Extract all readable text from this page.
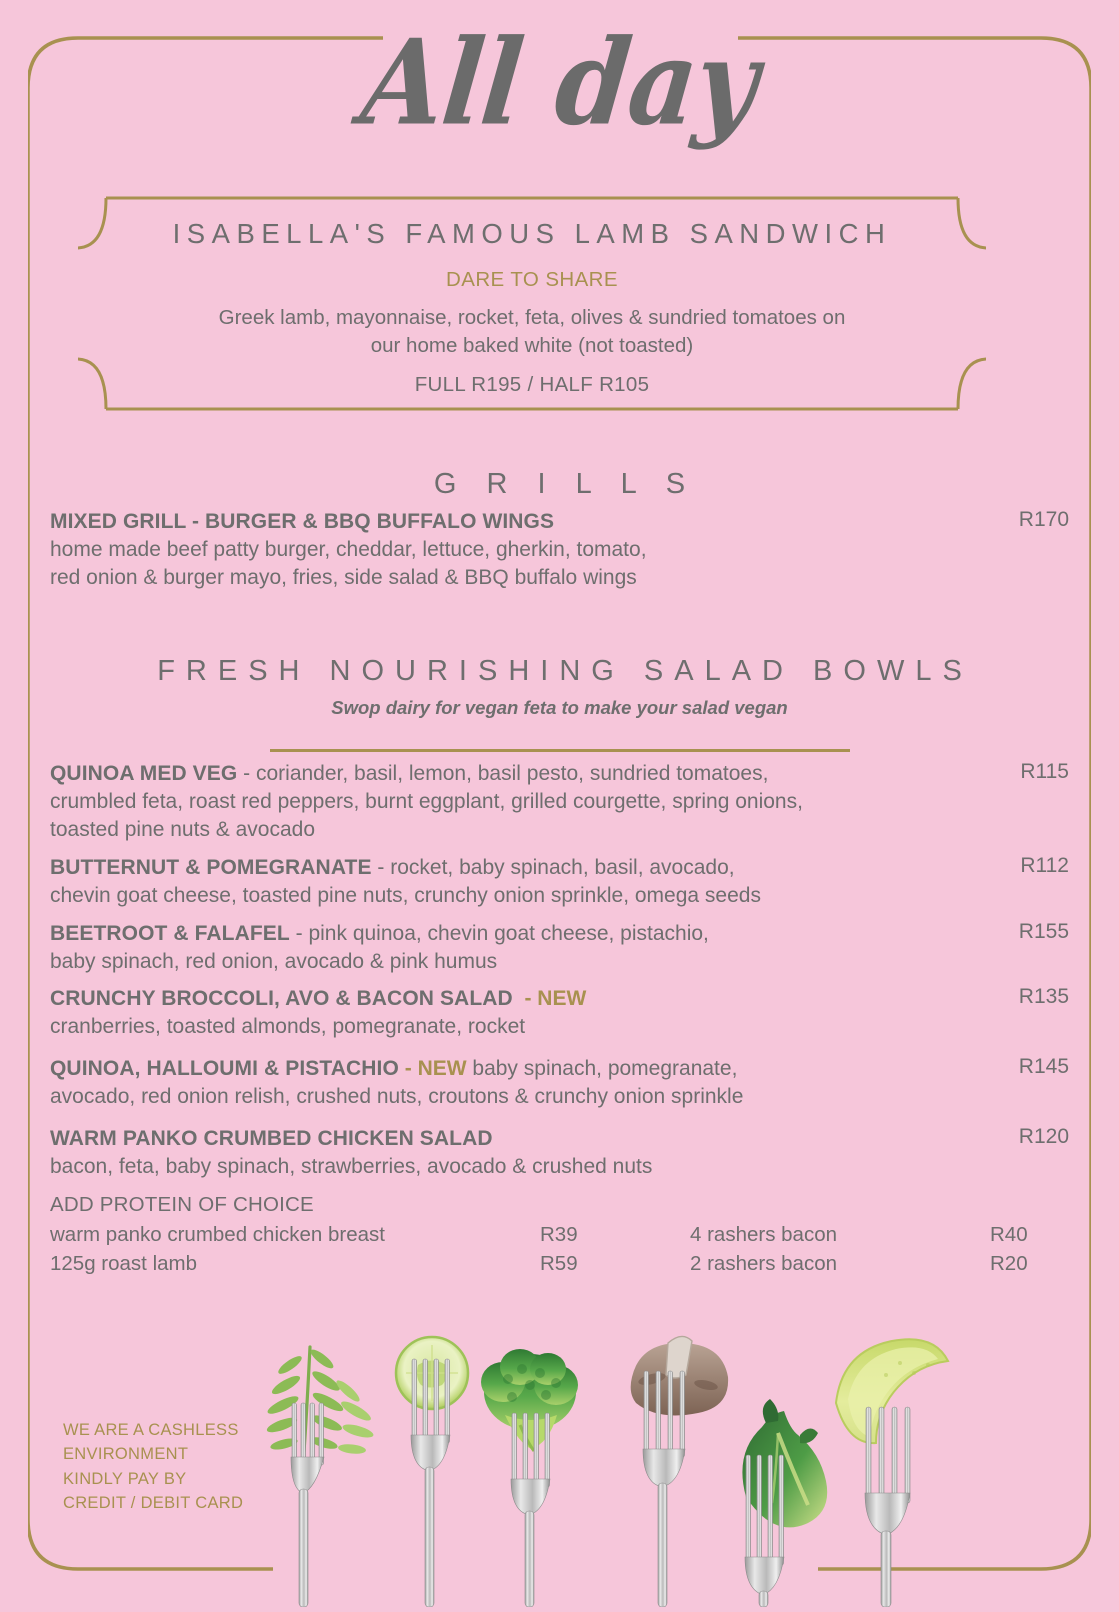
All day
ISABELLA'S FAMOUS LAMB SANDWICH
DARE TO SHARE
Greek lamb, mayonnaise, rocket, feta, olives & sundried tomatoes on
our home baked white (not toasted)
FULL R195 / HALF R105
G R I L L S
MIXED GRILL - BURGER & BBQ BUFFALO WINGS
home made beef patty burger, cheddar, lettuce, gherkin, tomato,
red onion & burger mayo, fries, side salad & BBQ buffalo wings
R170
FRESH NOURISHING SALAD BOWLS
Swop dairy for vegan feta to make your salad vegan
QUINOA MED VEG - coriander, basil, lemon, basil pesto, sundried tomatoes,
crumbled feta, roast red peppers, burnt eggplant, grilled courgette, spring onions,
toasted pine nuts & avocado
R115
BUTTERNUT & POMEGRANATE - rocket, baby spinach, basil, avocado,
chevin goat cheese, toasted pine nuts, crunchy onion sprinkle, omega seeds
R112
BEETROOT & FALAFEL - pink quinoa, chevin goat cheese, pistachio,
baby spinach, red onion, avocado & pink humus
R155
CRUNCHY BROCCOLI, AVO & BACON SALAD  - NEW
cranberries, toasted almonds, pomegranate, rocket
R135
QUINOA, HALLOUMI & PISTACHIO - NEW baby spinach, pomegranate,
avocado, red onion relish, crushed nuts, croutons & crunchy onion sprinkle
R145
WARM PANKO CRUMBED CHICKEN SALAD
bacon, feta, baby spinach, strawberries, avocado & crushed nuts
R120
ADD PROTEIN OF CHOICE
warm panko crumbed chicken breast	R39	4 rashers bacon	R40
125g roast lamb	R59	2 rashers bacon	R20
WE ARE A CASHLESS
ENVIRONMENT
KINDLY PAY BY
CREDIT / DEBIT CARD
